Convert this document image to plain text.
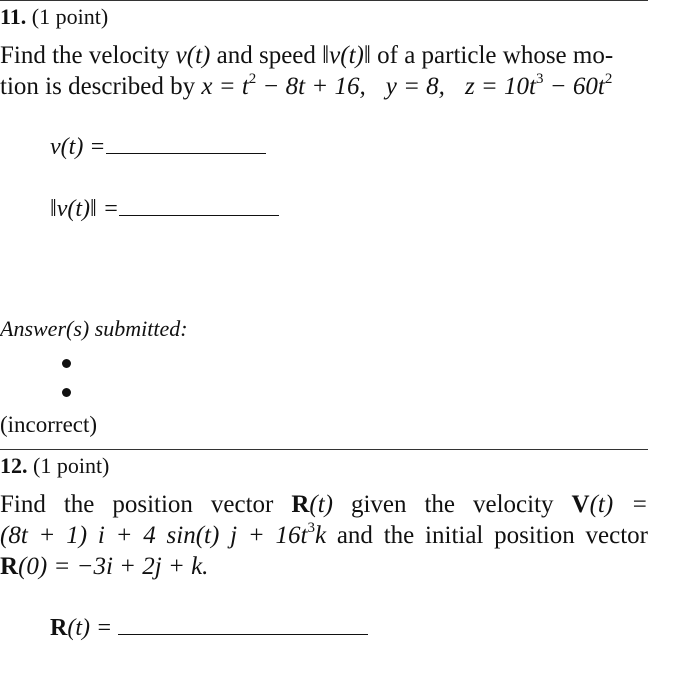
11. (1 point)
Find the velocity v(t) and speed ‖v(t)‖ of a particle whose mo-
tion is described by $x = t^2 - 8t + 16$, y = 8, $z = 10t^3 - 60t^2$
v(t) =
‖v(t)‖ =
Answer(s) submitted:
(incorrect)
12. (1 point)
Find the position vector R(t) given the velocity V(t) =
(8t + 1) i + 4 sin(t) $j + 16t^3k$ and the initial position vector
R(0) = −3i + 2j + k.
R(t) =
